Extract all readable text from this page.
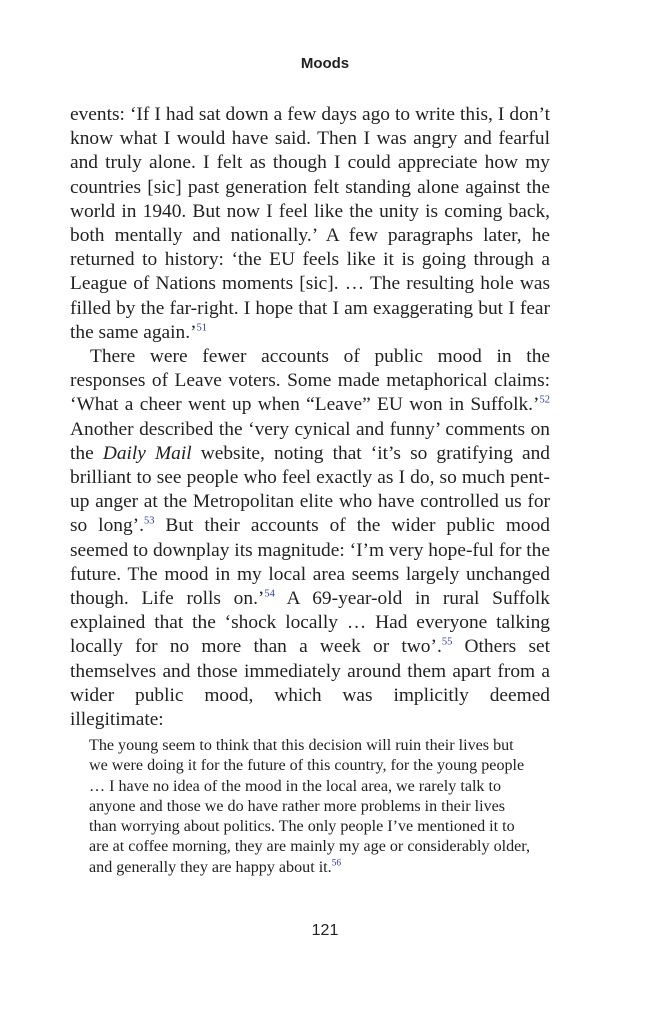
Moods

events: ‘If I had sat down a few days ago to write this, I don’t know what I would have said. Then I was angry and fearful and truly alone. I felt as though I could appreciate how my countries [sic] past generation felt standing alone against the world in 1940. But now I feel like the unity is coming back, both mentally and nationally.’ A few paragraphs later, he returned to history: ‘the EU feels like it is going through a League of Nations moments [sic]. … The resulting hole was filled by the far-right. I hope that I am exaggerating but I fear the same again.’$^{51}$

There were fewer accounts of public mood in the responses of Leave voters. Some made metaphorical claims: ‘What a cheer went up when “Leave” EU won in Suffolk.’$^{52}$ Another described the ‘very cynical and funny’ comments on the Daily Mail website, noting that ‘it’s so gratifying and brilliant to see people who feel exactly as I do, so much pent-up anger at the Metropolitan elite who have controlled us for so long’.$^{53}$ But their accounts of the wider public mood seemed to downplay its magnitude: ‘I’m very hope-ful for the future. The mood in my local area seems largely unchanged though. Life rolls on.’$^{54}$ A 69-year-old in rural Suffolk explained that the ‘shock locally … Had everyone talking locally for no more than a week or two’.$^{55}$ Others set themselves and those immediately around them apart from a wider public mood, which was implicitly deemed illegitimate:

The young seem to think that this decision will ruin their lives but we were doing it for the future of this country, for the young people … I have no idea of the mood in the local area, we rarely talk to anyone and those we do have rather more problems in their lives than worrying about politics. The only people I’ve mentioned it to are at coffee morning, they are mainly my age or considerably older, and generally they are happy about it.$^{56}$

121
